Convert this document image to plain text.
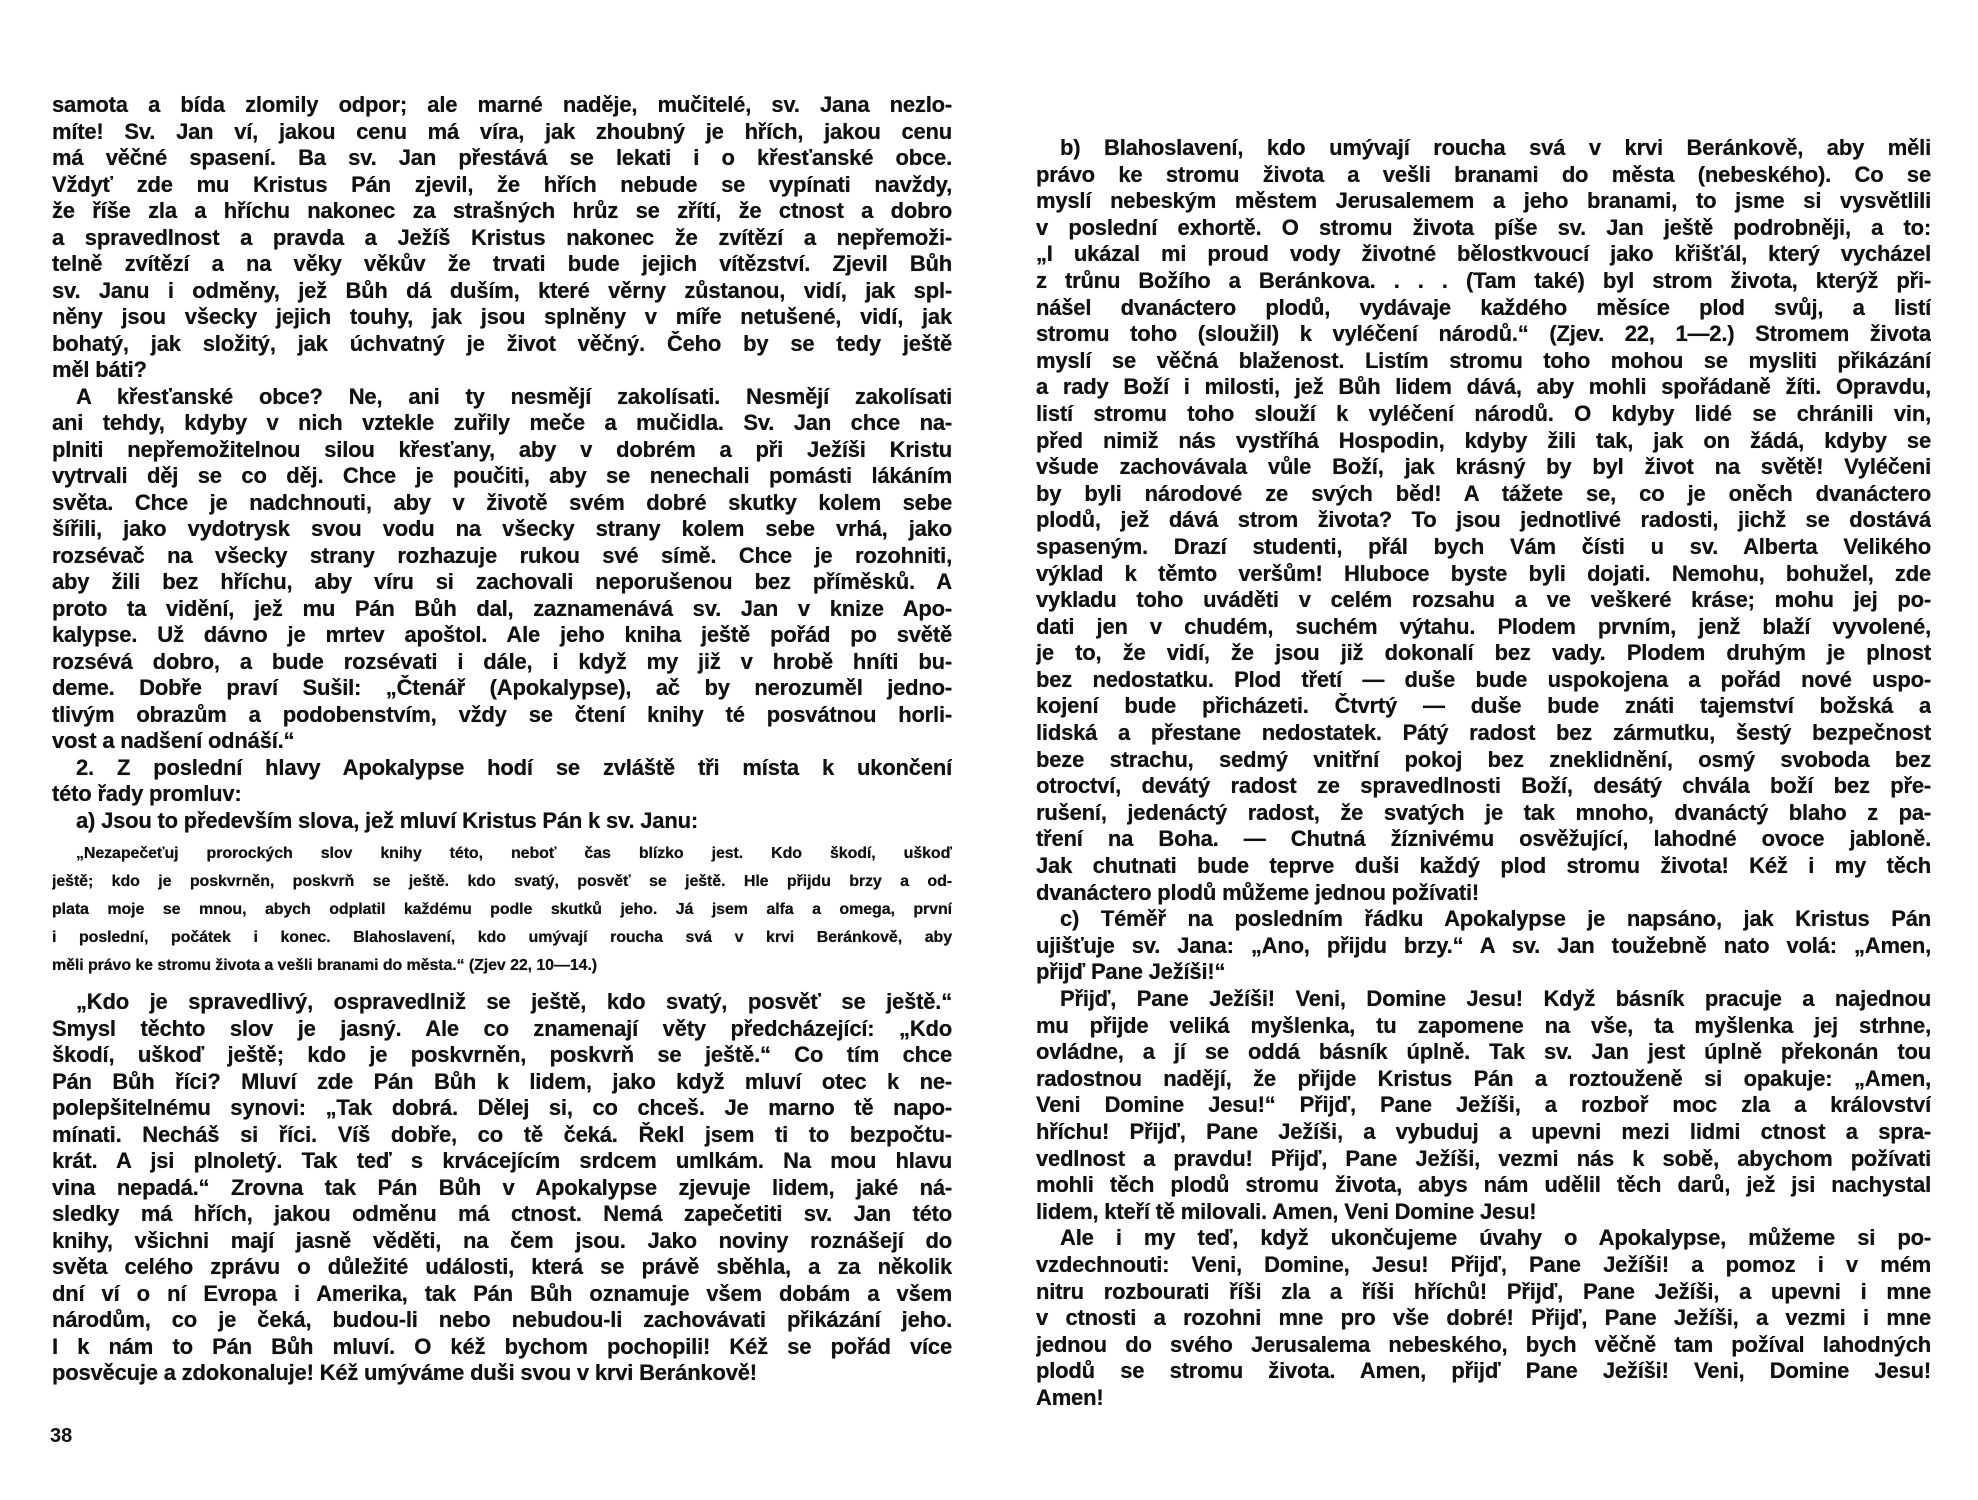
samota a bída zlomily odpor; ale marné naděje, mučitelé, sv. Jana nezlo-
míte! Sv. Jan ví, jakou cenu má víra, jak zhoubný je hřích, jakou cenu
má věčné spasení. Ba sv. Jan přestává se lekati i o křesťanské obce.
Vždyť zde mu Kristus Pán zjevil, že hřích nebude se vypínati navždy,
že říše zla a hříchu nakonec za strašných hrůz se zřítí, že ctnost a dobro
a spravedlnost a pravda a Ježíš Kristus nakonec že zvítězí a nepřemoži-
telně zvítězí a na věky věkův že trvati bude jejich vítězství. Zjevil Bůh
sv. Janu i odměny, jež Bůh dá duším, které věrny zůstanou, vidí, jak spl-
něny jsou všecky jejich touhy, jak jsou splněny v míře netušené, vidí, jak
bohatý, jak složitý, jak úchvatný je život věčný. Čeho by se tedy ještě
měl báti?
A křesťanské obce? Ne, ani ty nesmějí zakolísati. Nesmějí zakolísati
ani tehdy, kdyby v nich vztekle zuřily meče a mučidla. Sv. Jan chce na-
plniti nepřemožitelnou silou křesťany, aby v dobrém a při Ježíši Kristu
vytrvali děj se co děj. Chce je poučiti, aby se nenechali pomásti lákáním
světa. Chce je nadchnouti, aby v životě svém dobré skutky kolem sebe
šířili, jako vydotrysk svou vodu na všecky strany kolem sebe vrhá, jako
rozsévač na všecky strany rozhazuje rukou své símě. Chce je rozohniti,
aby žili bez hříchu, aby víru si zachovali neporušenou bez příměsků. A
proto ta vidění, jež mu Pán Bůh dal, zaznamenává sv. Jan v knize Apo-
kalypse. Už dávno je mrtev apoštol. Ale jeho kniha ještě pořád po světě
rozsévá dobro, a bude rozsévati i dále, i když my již v hrobě hníti bu-
deme. Dobře praví Sušil: „Čtenář (Apokalypse), ač by nerozuměl jedno-
tlivým obrazům a podobenstvím, vždy se čtení knihy té posvátnou horli-
vost a nadšení odnáší.“
2. Z poslední hlavy Apokalypse hodí se zvláště tři místa k ukončení
této řady promluv:
a) Jsou to především slova, jež mluví Kristus Pán k sv. Janu:
„Nezapečeťuj prorockých slov knihy této, neboť čas blízko jest. Kdo škodí, uškoď
ještě; kdo je poskvrněn, poskvrň se ještě. kdo svatý, posvěť se ještě. Hle přijdu brzy a od-
plata moje se mnou, abych odplatil každému podle skutků jeho. Já jsem alfa a omega, první
i poslední, počátek i konec. Blahoslavení, kdo umývají roucha svá v krvi Beránkově, aby
měli právo ke stromu života a vešli branami do města.“ (Zjev 22, 10—14.)
„Kdo je spravedlivý, ospravedlniž se ještě, kdo svatý, posvěť se ještě.“
Smysl těchto slov je jasný. Ale co znamenají věty předcházející: „Kdo
škodí, uškoď ještě; kdo je poskvrněn, poskvrň se ještě.“ Co tím chce
Pán Bůh říci? Mluví zde Pán Bůh k lidem, jako když mluví otec k ne-
polepšitelnému synovi: „Tak dobrá. Dělej si, co chceš. Je marno tě napo-
mínati. Necháš si říci. Víš dobře, co tě čeká. Řekl jsem ti to bezpočtu-
krát. A jsi plnoletý. Tak teď s krvácejícím srdcem umlkám. Na mou hlavu
vina nepadá.“ Zrovna tak Pán Bůh v Apokalypse zjevuje lidem, jaké ná-
sledky má hřích, jakou odměnu má ctnost. Nemá zapečetiti sv. Jan této
knihy, všichni mají jasně věděti, na čem jsou. Jako noviny roznášejí do
světa celého zprávu o důležité události, která se právě sběhla, a za několik
dní ví o ní Evropa i Amerika, tak Pán Bůh oznamuje všem dobám a všem
národům, co je čeká, budou-li nebo nebudou-li zachovávati přikázání jeho.
I k nám to Pán Bůh mluví. O kéž bychom pochopili! Kéž se pořád více
posvěcuje a zdokonaluje! Kéž umýváme duši svou v krvi Beránkově!
38
b) Blahoslavení, kdo umývají roucha svá v krvi Beránkově, aby měli
právo ke stromu života a vešli branami do města (nebeského). Co se
myslí nebeským městem Jerusalemem a jeho branami, to jsme si vysvětlili
v poslední exhortě. O stromu života píše sv. Jan ještě podrobněji, a to:
„I ukázal mi proud vody životné bělostkvoucí jako křišťál, který vycházel
z trůnu Božího a Beránkova. . . . (Tam také) byl strom života, kterýž při-
nášel dvanáctero plodů, vydávaje každého měsíce plod svůj, a listí
stromu toho (sloužil) k vyléčení národů.“ (Zjev. 22, 1—2.) Stromem života
myslí se věčná blaženost. Listím stromu toho mohou se mysliti přikázání
a rady Boží i milosti, jež Bůh lidem dává, aby mohli spořádaně žíti. Opravdu,
listí stromu toho slouží k vyléčení národů. O kdyby lidé se chránili vin,
před nimiž nás vystříhá Hospodin, kdyby žili tak, jak on žádá, kdyby se
všude zachovávala vůle Boží, jak krásný by byl život na světě! Vyléčeni
by byli národové ze svých běd! A tážete se, co je oněch dvanáctero
plodů, jež dává strom života? To jsou jednotlivé radosti, jichž se dostává
spaseným. Drazí studenti, přál bych Vám čísti u sv. Alberta Velikého
výklad k těmto veršům! Hluboce byste byli dojati. Nemohu, bohužel, zde
vykladu toho uváděti v celém rozsahu a ve veškeré kráse; mohu jej po-
dati jen v chudém, suchém výtahu. Plodem prvním, jenž blaží vyvolené,
je to, že vidí, že jsou již dokonalí bez vady. Plodem druhým je plnost
bez nedostatku. Plod třetí — duše bude uspokojena a pořád nové uspo-
kojení bude přicházeti. Čtvrtý — duše bude znáti tajemství božská a
lidská a přestane nedostatek. Pátý radost bez zármutku, šestý bezpečnost
beze strachu, sedmý vnitřní pokoj bez zneklidnění, osmý svoboda bez
otroctví, devátý radost ze spravedlnosti Boží, desátý chvála boží bez pře-
rušení, jedenáctý radost, že svatých je tak mnoho, dvanáctý blaho z pa-
tření na Boha. — Chutná žíznivému osvěžující, lahodné ovoce jabloně.
Jak chutnati bude teprve duši každý plod stromu života! Kéž i my těch
dvanáctero plodů můžeme jednou požívati!
c) Téměř na posledním řádku Apokalypse je napsáno, jak Kristus Pán
ujišťuje sv. Jana: „Ano, přijdu brzy.“ A sv. Jan toužebně nato volá: „Amen,
přijď Pane Ježíši!“
Přijď, Pane Ježíši! Veni, Domine Jesu! Když básník pracuje a najednou
mu přijde veliká myšlenka, tu zapomene na vše, ta myšlenka jej strhne,
ovládne, a jí se oddá básník úplně. Tak sv. Jan jest úplně překonán tou
radostnou nadějí, že přijde Kristus Pán a roztouženě si opakuje: „Amen,
Veni Domine Jesu!“ Přijď, Pane Ježíši, a rozboř moc zla a království
hříchu! Přijď, Pane Ježíši, a vybuduj a upevni mezi lidmi ctnost a spra-
vedlnost a pravdu! Přijď, Pane Ježíši, vezmi nás k sobě, abychom požívati
mohli těch plodů stromu života, abys nám udělil těch darů, jež jsi nachystal
lidem, kteří tě milovali. Amen, Veni Domine Jesu!
Ale i my teď, když ukončujeme úvahy o Apokalypse, můžeme si po-
vzdechnouti: Veni, Domine, Jesu! Přijď, Pane Ježíši! a pomoz i v mém
nitru rozbourati říši zla a říši hříchů! Přijď, Pane Ježíši, a upevni i mne
v ctnosti a rozohni mne pro vše dobré! Přijď, Pane Ježíši, a vezmi i mne
jednou do svého Jerusalema nebeského, bych věčně tam požíval lahodných
plodů se stromu života. Amen, přijď Pane Ježíši! Veni, Domine Jesu!
Amen!
